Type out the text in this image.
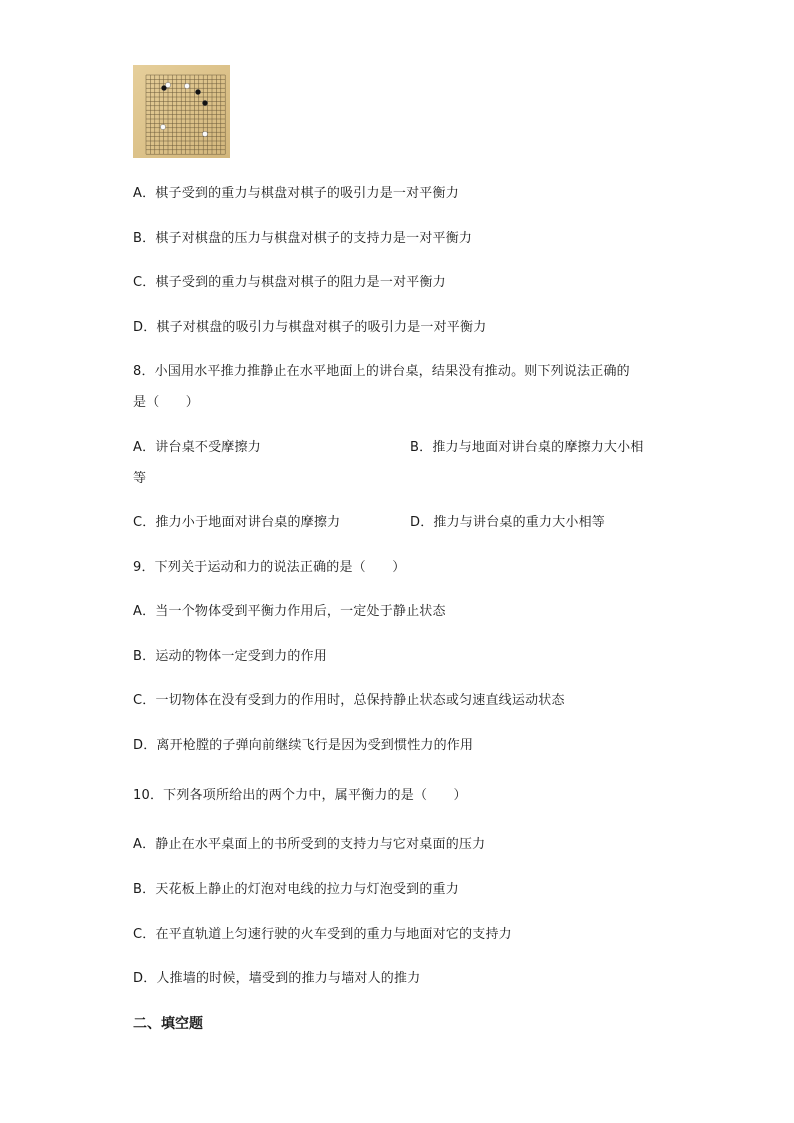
A．棋子受到的重力与棋盘对棋子的吸引力是一对平衡力
B．棋子对棋盘的压力与棋盘对棋子的支持力是一对平衡力
C．棋子受到的重力与棋盘对棋子的阻力是一对平衡力
D．棋子对棋盘的吸引力与棋盘对棋子的吸引力是一对平衡力
8．小国用水平推力推静止在水平地面上的讲台桌，结果没有推动。则下列说法正确的
是（　　）
A．讲台桌不受摩擦力	B．推力与地面对讲台桌的摩擦力大小相
等
C．推力小于地面对讲台桌的摩擦力	D．推力与讲台桌的重力大小相等
9．下列关于运动和力的说法正确的是（　　）
A．当一个物体受到平衡力作用后，一定处于静止状态
B．运动的物体一定受到力的作用
C．一切物体在没有受到力的作用时，总保持静止状态或匀速直线运动状态
D．离开枪膛的子弹向前继续飞行是因为受到惯性力的作用
10．下列各项所给出的两个力中，属平衡力的是（　　）
A．静止在水平桌面上的书所受到的支持力与它对桌面的压力
B．天花板上静止的灯泡对电线的拉力与灯泡受到的重力
C．在平直轨道上匀速行驶的火车受到的重力与地面对它的支持力
D．人推墙的时候，墙受到的推力与墙对人的推力
二、填空题
